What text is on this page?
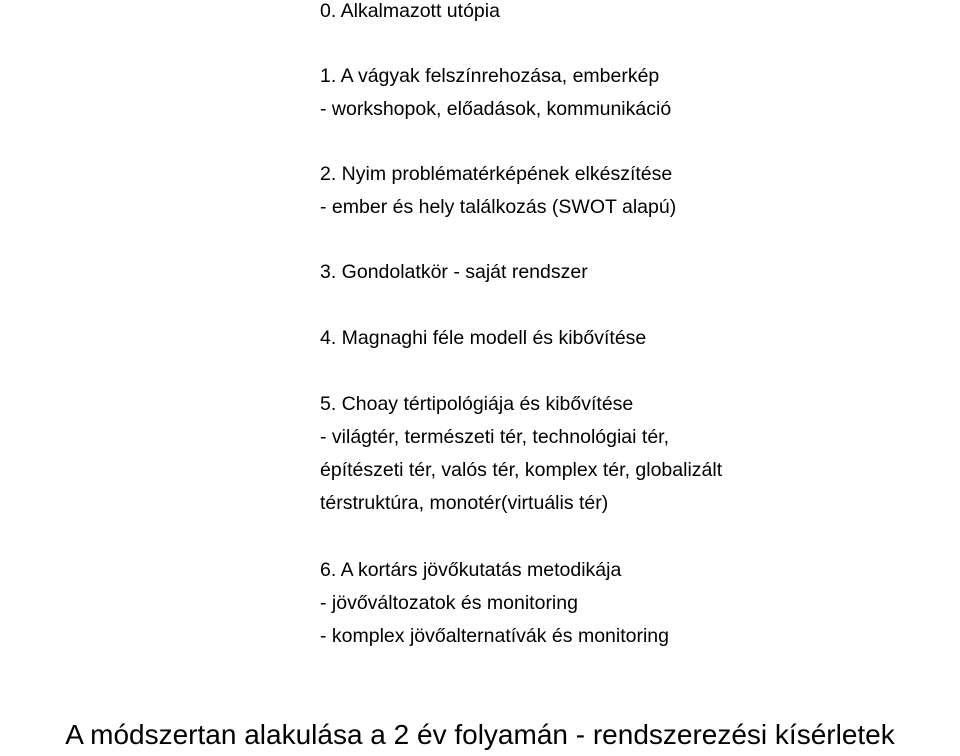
0. Alkalmazott utópia
1. A vágyak felszínrehozása, emberkép
- workshopok, előadások, kommunikáció
2. Nyim problématérképének elkészítése
- ember és hely találkozás (SWOT alapú)
3. Gondolatkör - saját rendszer
4. Magnaghi féle modell és kibővítése
5. Choay tértipológiája és kibővítése
- világtér, természeti tér, technológiai tér,
építészeti tér, valós tér, komplex tér, globalizált
térstruktúra, monotér(virtuális tér)
6. A kortárs jövőkutatás metodikája
- jövőváltozatok és monitoring
- komplex jövőalternatívák és monitoring
A módszertan alakulása a 2 év folyamán - rendszerezési kísérletek
